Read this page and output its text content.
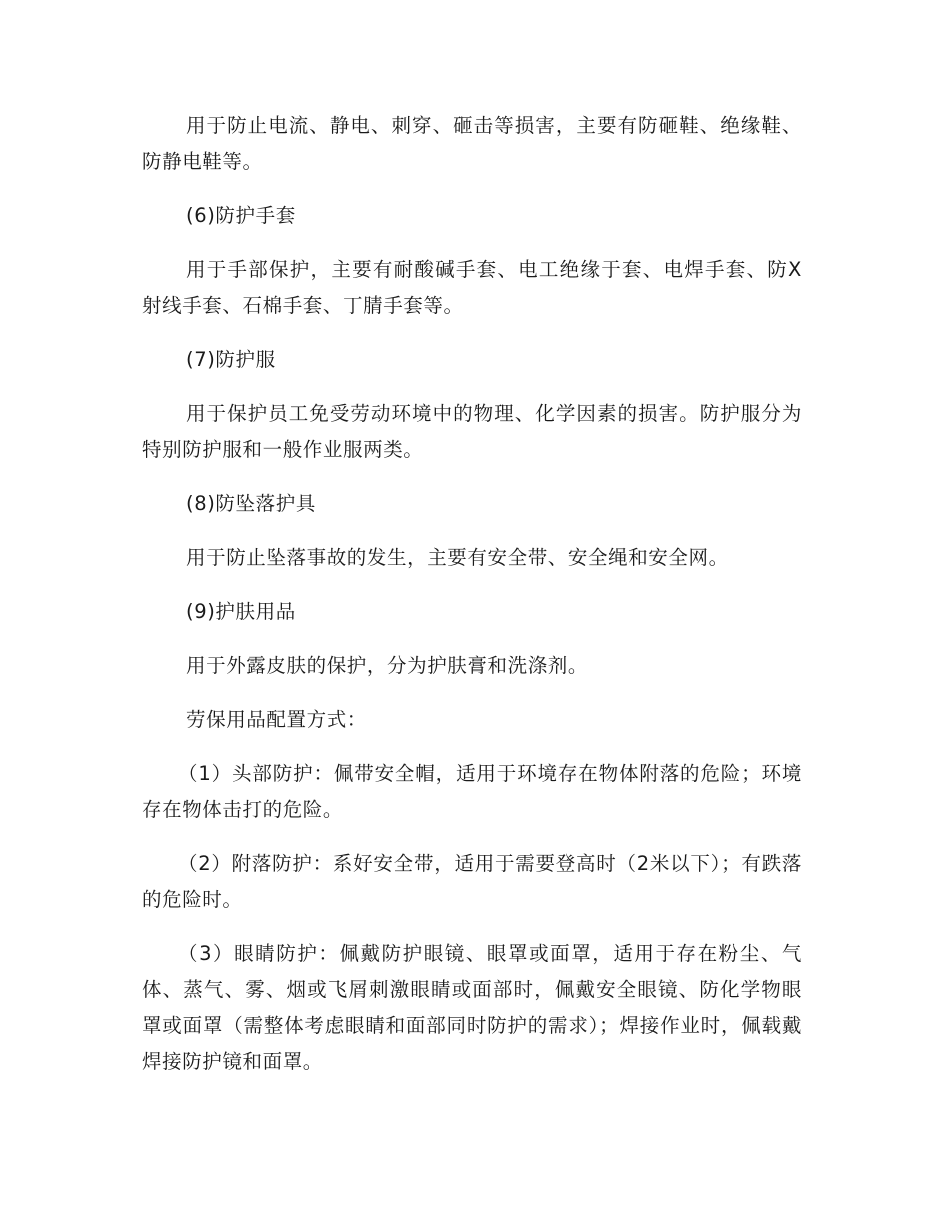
用于防止电流、静电、刺穿、砸击等损害，主要有防砸鞋、绝缘鞋、防静电鞋等。

(6)防护手套

用于手部保护，主要有耐酸碱手套、电工绝缘于套、电焊手套、防X射线手套、石棉手套、丁腈手套等。

(7)防护服

用于保护员工免受劳动环境中的物理、化学因素的损害。防护服分为特别防护服和一般作业服两类。

(8)防坠落护具

用于防止坠落事故的发生，主要有安全带、安全绳和安全网。

(9)护肤用品

用于外露皮肤的保护，分为护肤膏和洗涤剂。

劳保用品配置方式：

（1）头部防护：佩带安全帽，适用于环境存在物体附落的危险；环境存在物体击打的危险。

（2）附落防护：系好安全带，适用于需要登高时（2米以下）；有跌落的危险时。

（3）眼睛防护：佩戴防护眼镜、眼罩或面罩，适用于存在粉尘、气体、蒸气、雾、烟或飞屑刺激眼睛或面部时，佩戴安全眼镜、防化学物眼罩或面罩（需整体考虑眼睛和面部同时防护的需求）；焊接作业时，佩载戴焊接防护镜和面罩。
